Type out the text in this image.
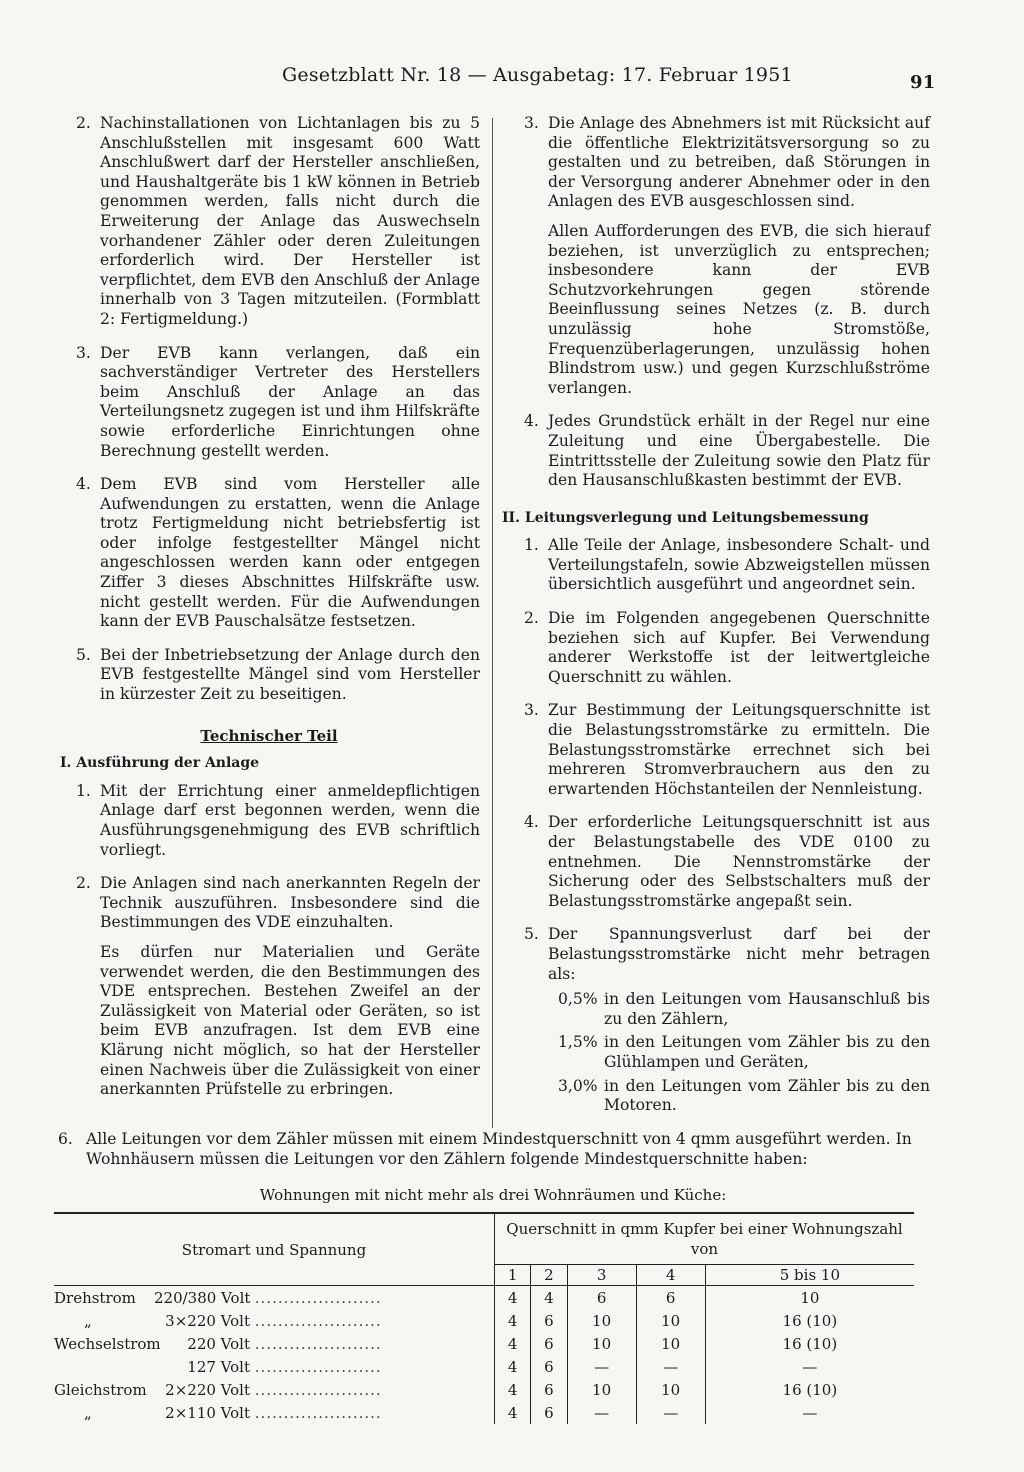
Gesetzblatt Nr. 18 — Ausgabetag: 17. Februar 1951	91
2. Nachinstallationen von Lichtanlagen bis zu 5 Anschlußstellen mit insgesamt 600 Watt Anschlußwert darf der Hersteller anschließen, und Haushaltgeräte bis 1 kW können in Betrieb genommen werden, falls nicht durch die Erweiterung der Anlage das Auswechseln vorhandener Zähler oder deren Zuleitungen erforderlich wird. Der Hersteller ist verpflichtet, dem EVB den Anschluß der Anlage innerhalb von 3 Tagen mitzuteilen. (Formblatt 2: Fertigmeldung.)

3. Der EVB kann verlangen, daß ein sachverständiger Vertreter des Herstellers beim Anschluß der Anlage an das Verteilungsnetz zugegen ist und ihm Hilfskräfte sowie erforderliche Einrichtungen ohne Berechnung gestellt werden.

4. Dem EVB sind vom Hersteller alle Aufwendungen zu erstatten, wenn die Anlage trotz Fertigmeldung nicht betriebsfertig ist oder infolge festgestellter Mängel nicht angeschlossen werden kann oder entgegen Ziffer 3 dieses Abschnittes Hilfskräfte usw. nicht gestellt werden. Für die Aufwendungen kann der EVB Pauschalsätze festsetzen.

5. Bei der Inbetriebsetzung der Anlage durch den EVB festgestellte Mängel sind vom Hersteller in kürzester Zeit zu beseitigen.

Technischer Teil
I. Ausführung der Anlage
1. Mit der Errichtung einer anmeldepflichtigen Anlage darf erst begonnen werden, wenn die Ausführungsgenehmigung des EVB schriftlich vorliegt.

2. Die Anlagen sind nach anerkannten Regeln der Technik auszuführen. Insbesondere sind die Bestimmungen des VDE einzuhalten.

Es dürfen nur Materialien und Geräte verwendet werden, die den Bestimmungen des VDE entsprechen. Bestehen Zweifel an der Zulässigkeit von Material oder Geräten, so ist beim EVB anzufragen. Ist dem EVB eine Klärung nicht möglich, so hat der Hersteller einen Nachweis über die Zulässigkeit von einer anerkannten Prüfstelle zu erbringen.

3. Die Anlage des Abnehmers ist mit Rücksicht auf die öffentliche Elektrizitätsversorgung so zu gestalten und zu betreiben, daß Störungen in der Versorgung anderer Abnehmer oder in den Anlagen des EVB ausgeschlossen sind.

Allen Aufforderungen des EVB, die sich hierauf beziehen, ist unverzüglich zu entsprechen; insbesondere kann der EVB Schutzvorkehrungen gegen störende Beeinflussung seines Netzes (z. B. durch unzulässig hohe Stromstöße, Frequenzüberlagerungen, unzulässig hohen Blindstrom usw.) und gegen Kurzschlußströme verlangen.

4. Jedes Grundstück erhält in der Regel nur eine Zuleitung und eine Übergabestelle. Die Eintrittsstelle der Zuleitung sowie den Platz für den Hausanschlußkasten bestimmt der EVB.

II. Leitungsverlegung und Leitungsbemessung
1. Alle Teile der Anlage, insbesondere Schalt- und Verteilungstafeln, sowie Abzweigstellen müssen übersichtlich ausgeführt und angeordnet sein.

2. Die im Folgenden angegebenen Querschnitte beziehen sich auf Kupfer. Bei Verwendung anderer Werkstoffe ist der leitwertgleiche Querschnitt zu wählen.

3. Zur Bestimmung der Leitungsquerschnitte ist die Belastungsstromstärke zu ermitteln. Die Belastungsstromstärke errechnet sich bei mehreren Stromverbrauchern aus den zu erwartenden Höchstanteilen der Nennleistung.

4. Der erforderliche Leitungsquerschnitt ist aus der Belastungstabelle des VDE 0100 zu entnehmen. Die Nennstromstärke der Sicherung oder des Selbstschalters muß der Belastungsstromstärke angepaßt sein.

5. Der Spannungsverlust darf bei der Belastungsstromstärke nicht mehr betragen als:

0,5% in den Leitungen vom Hausanschluß bis zu den Zählern,
1,5% in den Leitungen vom Zähler bis zu den Glühlampen und Geräten,
3,0% in den Leitungen vom Zähler bis zu den Motoren.
6. Alle Leitungen vor dem Zähler müssen mit einem Mindestquerschnitt von 4 qmm ausgeführt werden. In Wohnhäusern müssen die Leitungen vor den Zählern folgende Mindestquerschnitte haben:
Wohnungen mit nicht mehr als drei Wohnräumen und Küche:
Stromart und Spannung	Querschnitt in qmm Kupfer bei einer Wohnungszahl von				
	1	2	3	4	5 bis 10
Drehstrom 220/380 Volt ......................	4	4	6	6	10
„ 3×220 Volt ......................	4	6	10	10	16 (10)
Wechselstrom 220 Volt ......................	4	6	10	10	16 (10)
127 Volt ......................	4	6	—	—	—
Gleichstrom 2×220 Volt ......................	4	6	10	10	16 (10)
„ 2×110 Volt ......................	4	6	—	—	—
